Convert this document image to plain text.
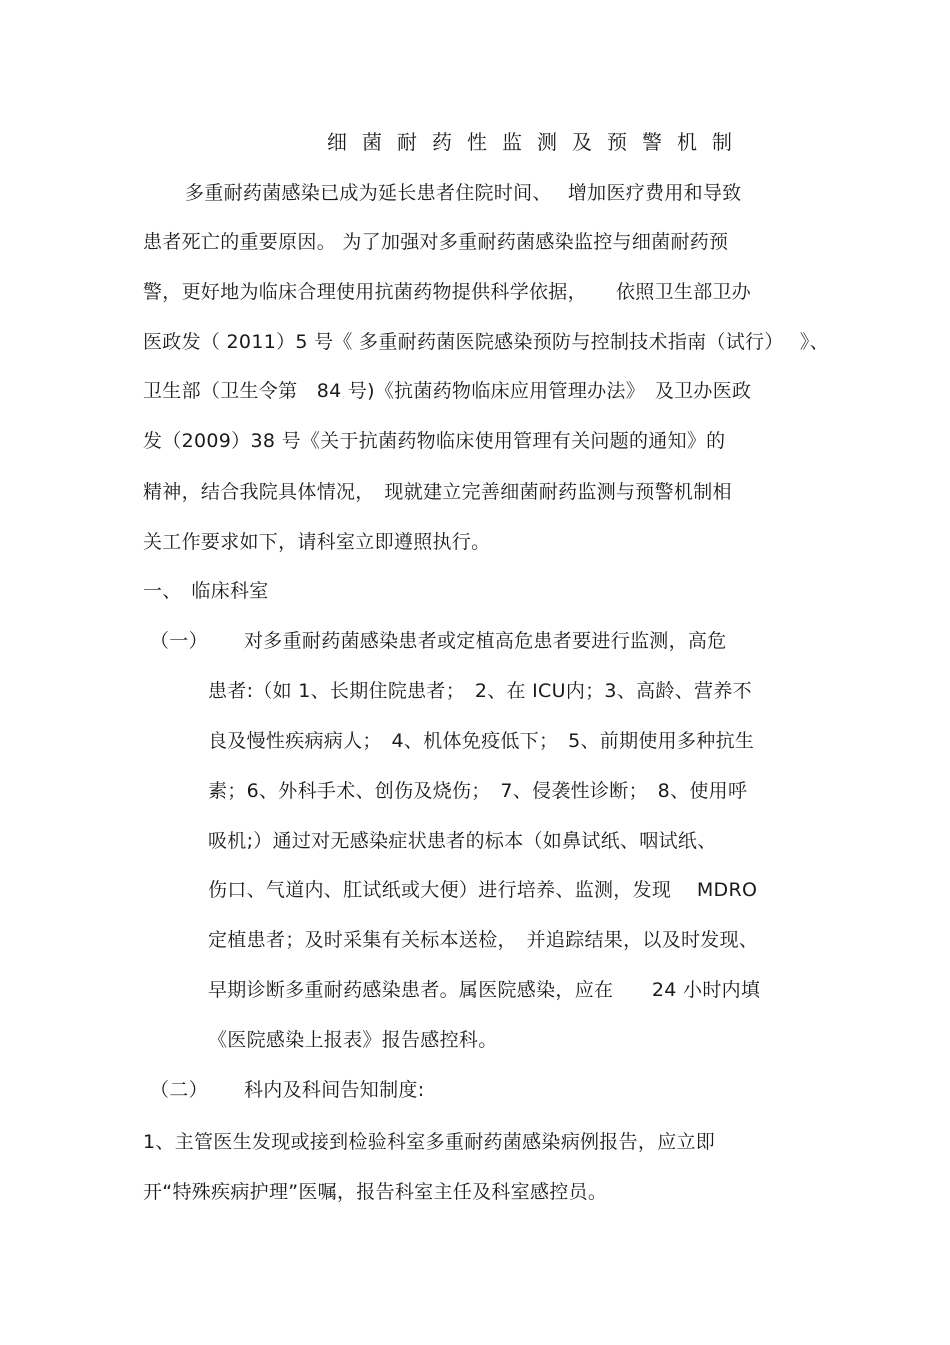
细菌耐药性监测及预警机制
多重耐药菌感染已成为延长患者住院时间、　 增加医疗费用和导致
患者死亡的重要原因。 为了加强对多重耐药菌感染监控与细菌耐药预
警，更好地为临床合理使用抗菌药物提供科学依据，　　依照卫生部卫办
医政发（ 2011）5 号《 多重耐药菌医院感染预防与控制技术指南（试行）　 》、
卫生部（卫生令第　84 号)《抗菌药物临床应用管理办法》　及卫办医政
发（2009）38 号《关于抗菌药物临床使用管理有关问题的通知》的
精神，结合我院具体情况，　现就建立完善细菌耐药监测与预警机制相
关工作要求如下，请科室立即遵照执行。
一、　临床科室
（一） 对多重耐药菌感染患者或定植高危患者要进行监测，高危
患者:（如 1、长期住院患者；　2、在 ICU内；3、高龄、营养不
良及慢性疾病病人；　4、机体免疫低下；　5、前期使用多种抗生
素；6、外科手术、创伤及烧伤；　7、侵袭性诊断；　8、使用呼
吸机;）通过对无感染症状患者的标本（如鼻试纸、咽试纸、
伤口、气道内、肛试纸或大便）进行培养、监测，发现　 MDRO
定植患者；及时采集有关标本送检，　并追踪结果，以及时发现、
早期诊断多重耐药感染患者。属医院感染，应在　　24 小时内填
《医院感染上报表》报告感控科。
（二） 科内及科间告知制度:
1、主管医生发现或接到检验科室多重耐药菌感染病例报告，应立即
开“特殊疾病护理”医嘱，报告科室主任及科室感控员。
